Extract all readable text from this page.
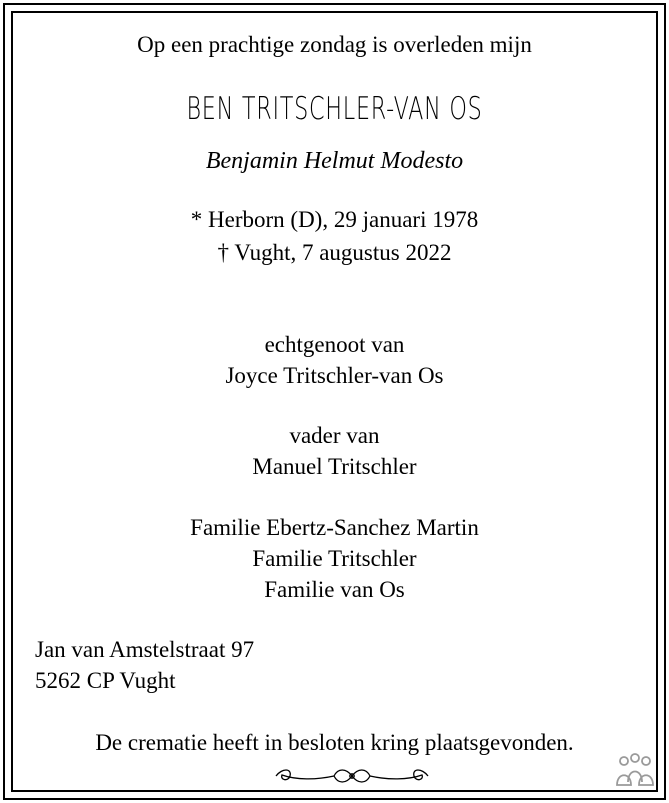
Op een prachtige zondag is overleden mijn
BEN TRITSCHLER-VAN OS
Benjamin Helmut Modesto
* Herborn (D), 29 januari 1978
† Vught, 7 augustus 2022
echtgenoot van
Joyce Tritschler-van Os
vader van
Manuel Tritschler
Familie Ebertz-Sanchez Martin
Familie Tritschler
Familie van Os
Jan van Amstelstraat 97
5262 CP Vught
De crematie heeft in besloten kring plaatsgevonden.
